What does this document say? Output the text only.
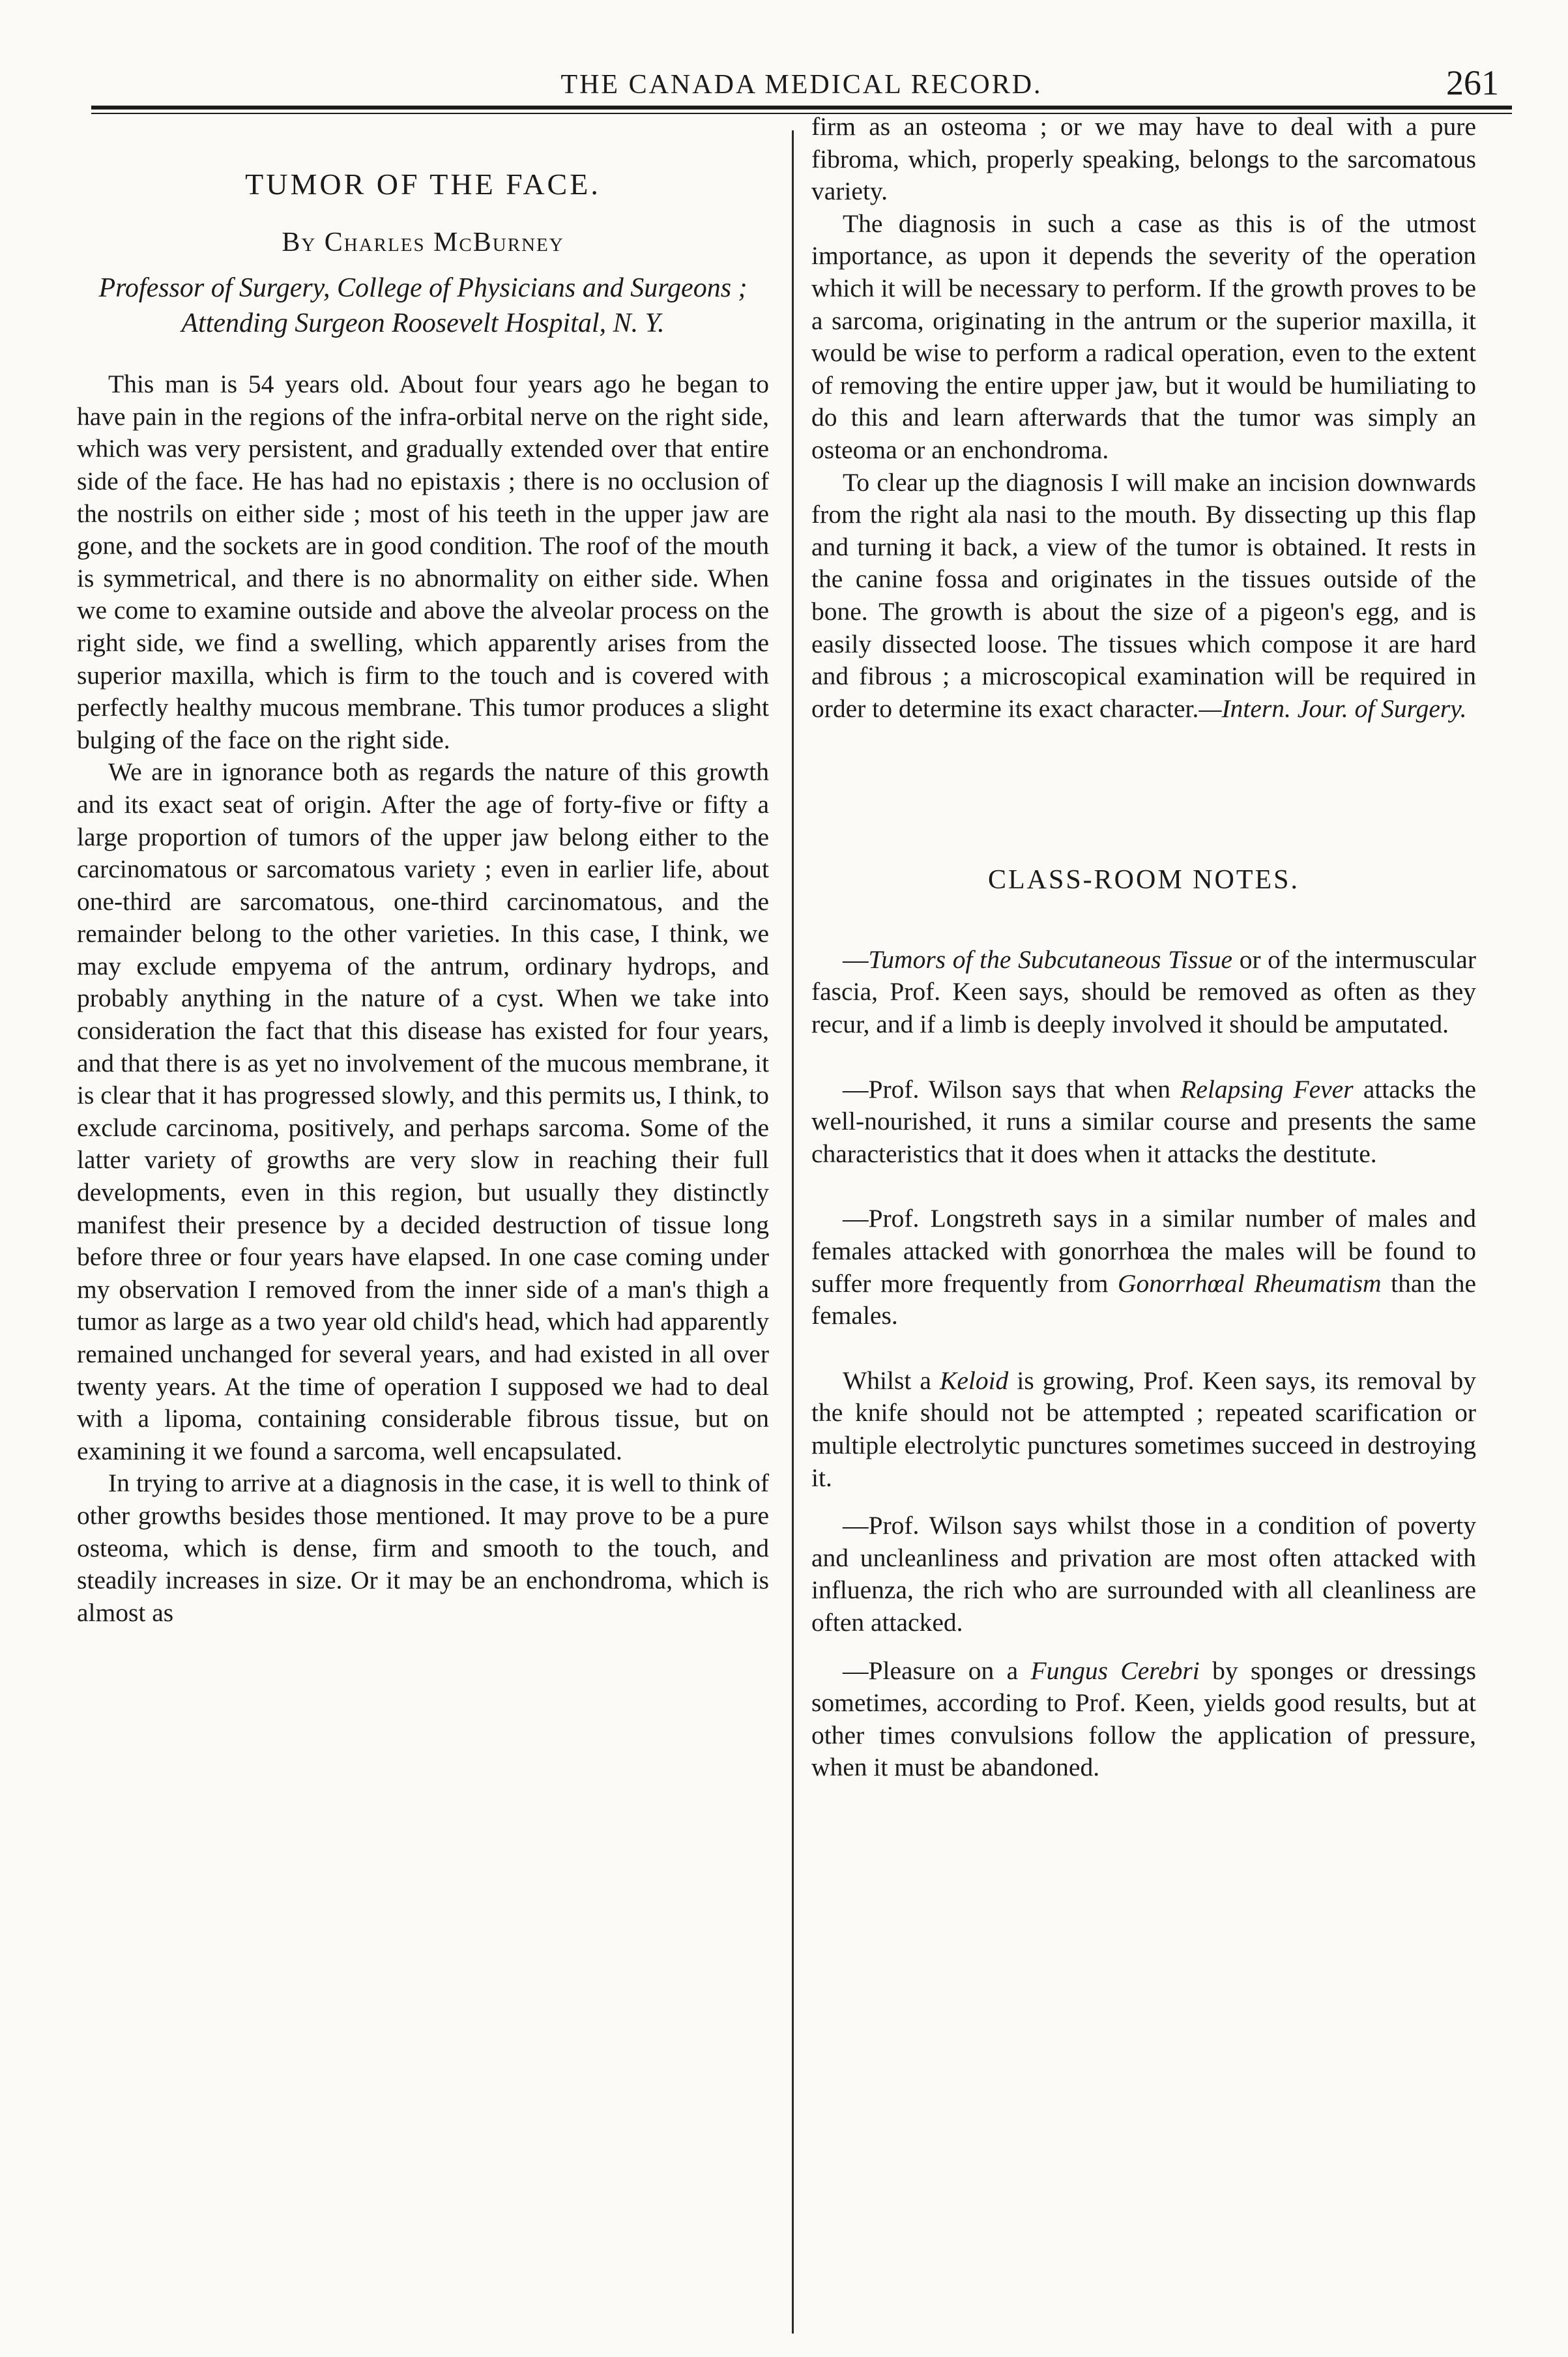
THE CANADA MEDICAL RECORD.	261
TUMOR OF THE FACE.
By Charles McBurney
Professor of Surgery, College of Physicians and Surgeons ; Attending Surgeon Roosevelt Hospital, N. Y.

This man is 54 years old. About four years ago he began to have pain in the regions of the infra-orbital nerve on the right side, which was very persistent, and gradually extended over that entire side of the face. He has had no epistaxis ; there is no occlusion of the nostrils on either side ; most of his teeth in the upper jaw are gone, and the sockets are in good condition. The roof of the mouth is symmetrical, and there is no abnormality on either side. When we come to examine outside and above the alveolar process on the right side, we find a swelling, which apparently arises from the superior maxilla, which is firm to the touch and is covered with perfectly healthy mucous membrane. This tumor produces a slight bulging of the face on the right side.

We are in ignorance both as regards the nature of this growth and its exact seat of origin. After the age of forty-five or fifty a large proportion of tumors of the upper jaw belong either to the carcinomatous or sarcomatous variety ; even in earlier life, about one-third are sarcomatous, one-third carcinomatous, and the remainder belong to the other varieties. In this case, I think, we may exclude empyema of the antrum, ordinary hydrops, and probably anything in the nature of a cyst. When we take into consideration the fact that this disease has existed for four years, and that there is as yet no involvement of the mucous membrane, it is clear that it has progressed slowly, and this permits us, I think, to exclude carcinoma, positively, and perhaps sarcoma. Some of the latter variety of growths are very slow in reaching their full developments, even in this region, but usually they distinctly manifest their presence by a decided destruction of tissue long before three or four years have elapsed. In one case coming under my observation I removed from the inner side of a man's thigh a tumor as large as a two year old child's head, which had apparently remained unchanged for several years, and had existed in all over twenty years. At the time of operation I supposed we had to deal with a lipoma, containing considerable fibrous tissue, but on examining it we found a sarcoma, well encapsulated.

In trying to arrive at a diagnosis in the case, it is well to think of other growths besides those mentioned. It may prove to be a pure osteoma, which is dense, firm and smooth to the touch, and steadily increases in size. Or it may be an enchondroma, which is almost as

firm as an osteoma ; or we may have to deal with a pure fibroma, which, properly speaking, belongs to the sarcomatous variety.

The diagnosis in such a case as this is of the utmost importance, as upon it depends the severity of the operation which it will be necessary to perform. If the growth proves to be a sarcoma, originating in the antrum or the superior maxilla, it would be wise to perform a radical operation, even to the extent of removing the entire upper jaw, but it would be humiliating to do this and learn afterwards that the tumor was simply an osteoma or an enchondroma.

To clear up the diagnosis I will make an incision downwards from the right ala nasi to the mouth. By dissecting up this flap and turning it back, a view of the tumor is obtained. It rests in the canine fossa and originates in the tissues outside of the bone. The growth is about the size of a pigeon's egg, and is easily dissected loose. The tissues which compose it are hard and fibrous ; a microscopical examination will be required in order to determine its exact character.—Intern. Jour. of Surgery.

CLASS-ROOM NOTES.

—Tumors of the Subcutaneous Tissue or of the intermuscular fascia, Prof. Keen says, should be removed as often as they recur, and if a limb is deeply involved it should be amputated.

—Prof. Wilson says that when Relapsing Fever attacks the well-nourished, it runs a similar course and presents the same characteristics that it does when it attacks the destitute.

—Prof. Longstreth says in a similar number of males and females attacked with gonorrhœa the males will be found to suffer more frequently from Gonorrhœal Rheumatism than the females.

Whilst a Keloid is growing, Prof. Keen says, its removal by the knife should not be attempted ; repeated scarification or multiple electrolytic punctures sometimes succeed in destroying it.

—Prof. Wilson says whilst those in a condition of poverty and uncleanliness and privation are most often attacked with influenza, the rich who are surrounded with all cleanliness are often attacked.

—Pleasure on a Fungus Cerebri by sponges or dressings sometimes, according to Prof. Keen, yields good results, but at other times convulsions follow the application of pressure, when it must be abandoned.
